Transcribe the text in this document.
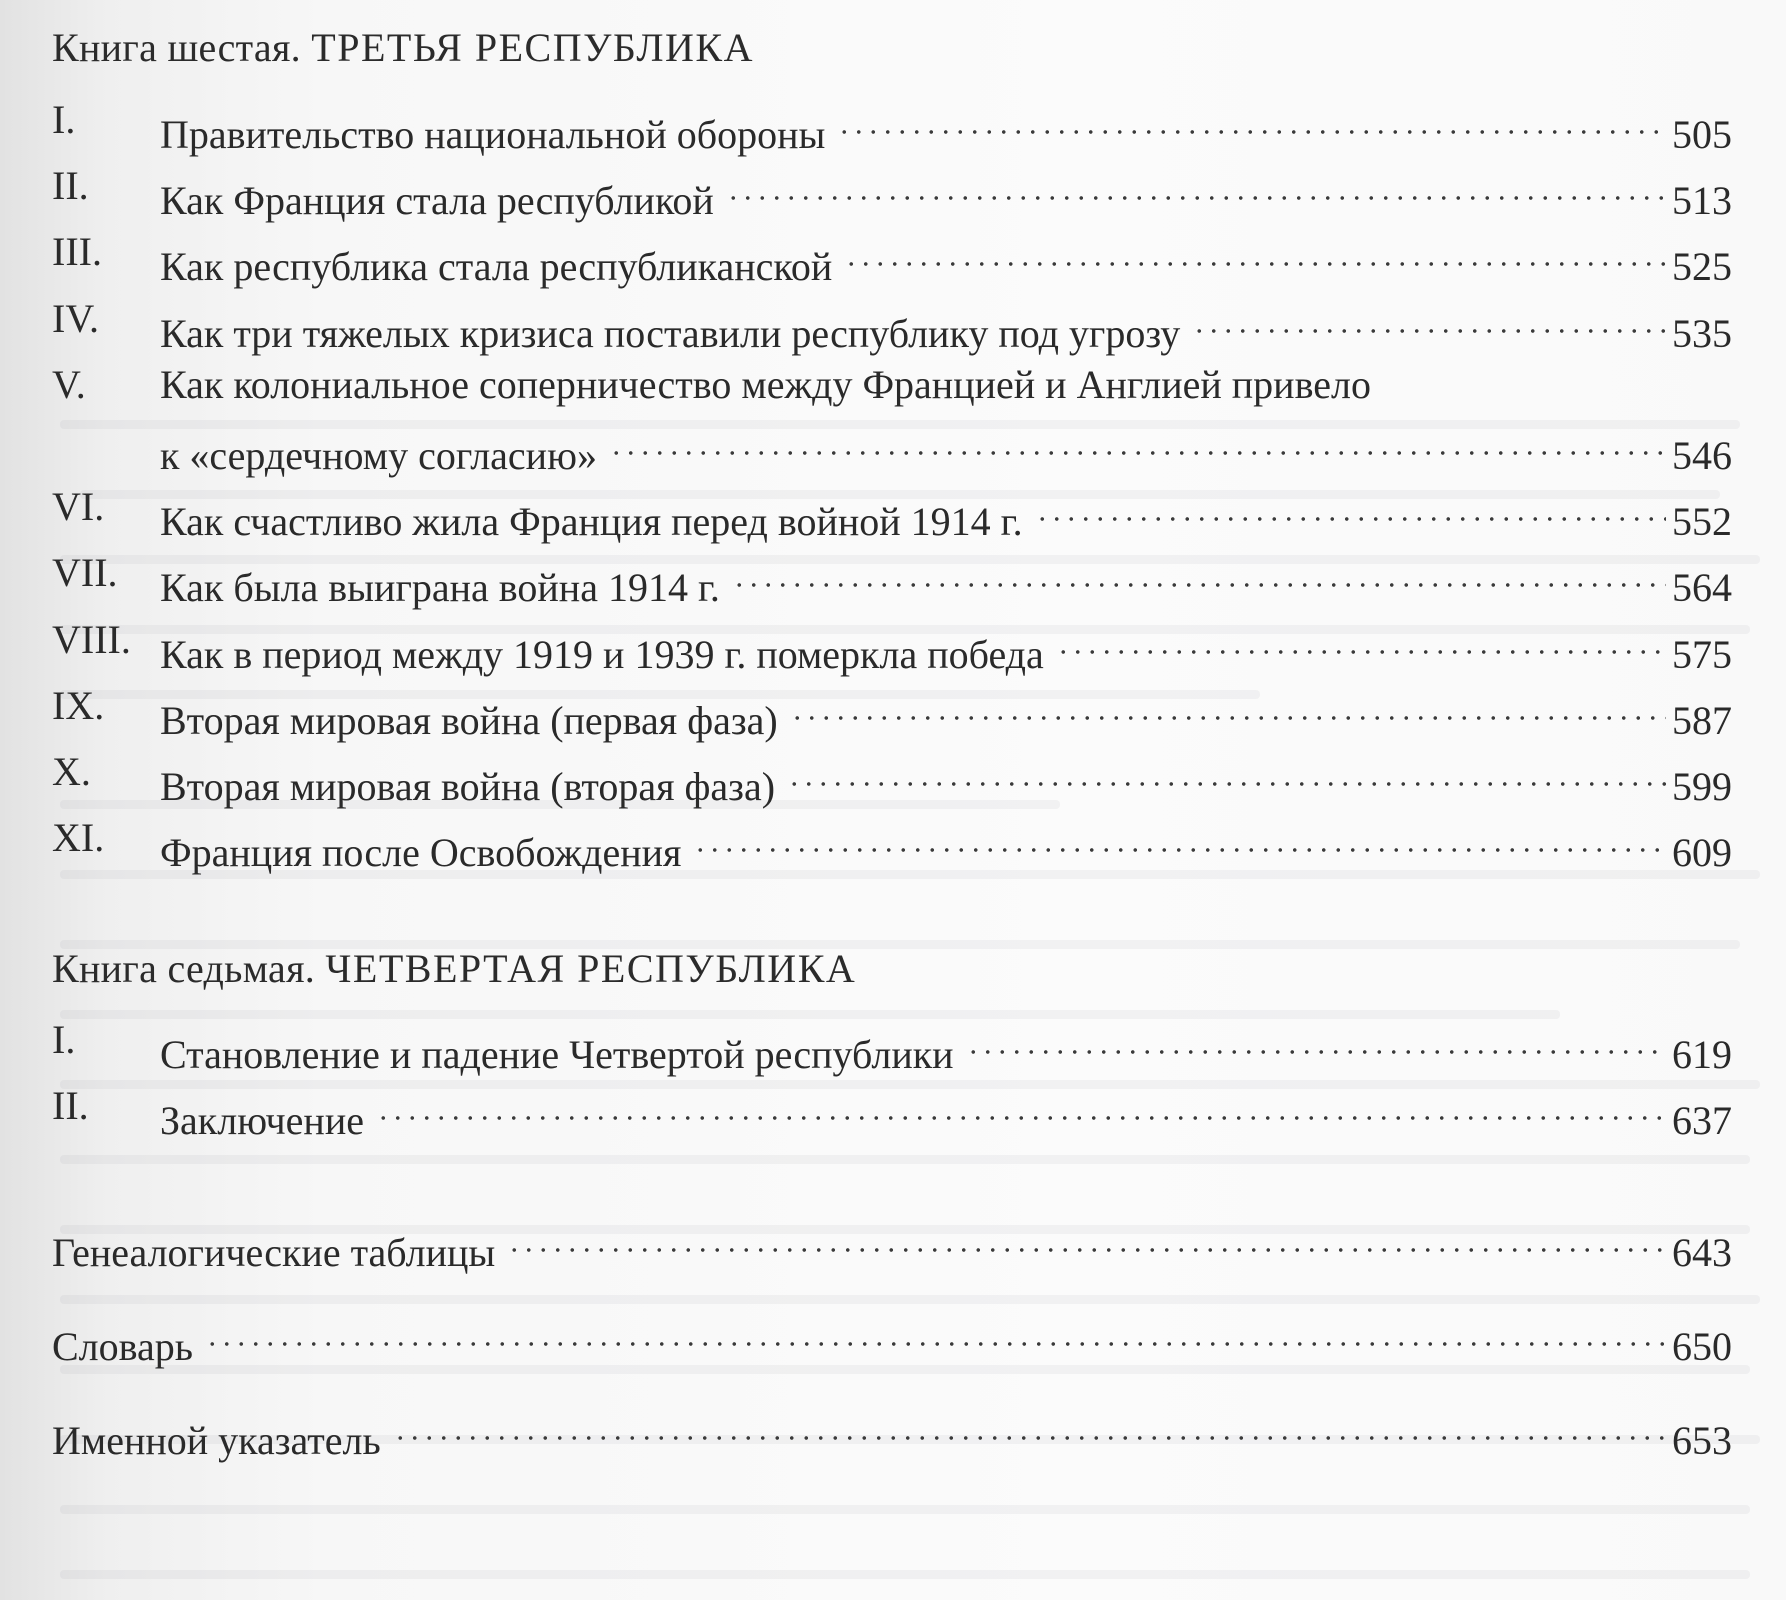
Книга шестая. ТРЕТЬЯ РЕСПУБЛИКА
I. Правительство национальной обороны	505
II. Как Франция стала республикой	513
III. Как республика стала республиканской	525
IV. Как три тяжелых кризиса поставили республику под угрозу	535
V. Как колониальное соперничество между Францией и Англией привело
к «сердечному согласию»	546
VI. Как счастливо жила Франция перед войной 1914 г.	552
VII. Как была выиграна война 1914 г.	564
VIII. Как в период между 1919 и 1939 г. померкла победа	575
IX. Вторая мировая война (первая фаза)	587
X. Вторая мировая война (вторая фаза)	599
XI. Франция после Освобождения	609
Книга седьмая. ЧЕТВЕРТАЯ РЕСПУБЛИКА
I. Становление и падение Четвертой республики	619
II. Заключение	637
Генеалогические таблицы	643
Словарь	650
Именной указатель	653
